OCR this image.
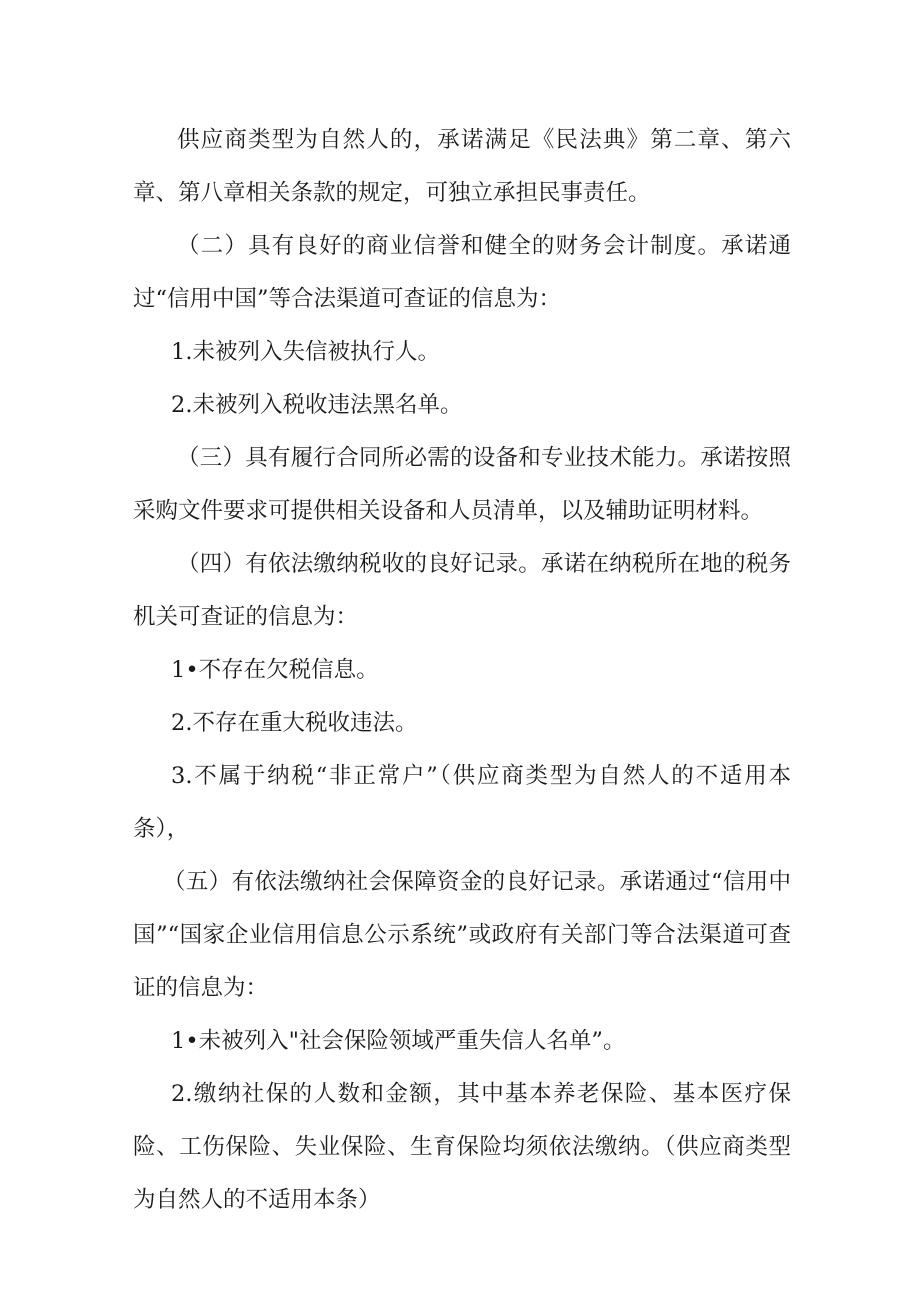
供应商类型为自然人的，承诺满足《民法典》第二章、第六章、第八章相关条款的规定，可独立承担民事责任。

（二）具有良好的商业信誉和健全的财务会计制度。承诺通过“信用中国”等合法渠道可查证的信息为：

1.未被列入失信被执行人。

2.未被列入税收违法黑名单。

（三）具有履行合同所必需的设备和专业技术能力。承诺按照采购文件要求可提供相关设备和人员清单，以及辅助证明材料。

（四）有依法缴纳税收的良好记录。承诺在纳税所在地的税务机关可查证的信息为：

1•不存在欠税信息。

2.不存在重大税收违法。

3.不属于纳税“非正常户”（供应商类型为自然人的不适用本条），

（五）有依法缴纳社会保障资金的良好记录。承诺通过“信用中国”“国家企业信用信息公示系统”或政府有关部门等合法渠道可查证的信息为：

1•未被列入"社会保险领域严重失信人名单”。

2.缴纳社保的人数和金额，其中基本养老保险、基本医疗保险、工伤保险、失业保险、生育保险均须依法缴纳。（供应商类型为自然人的不适用本条）
